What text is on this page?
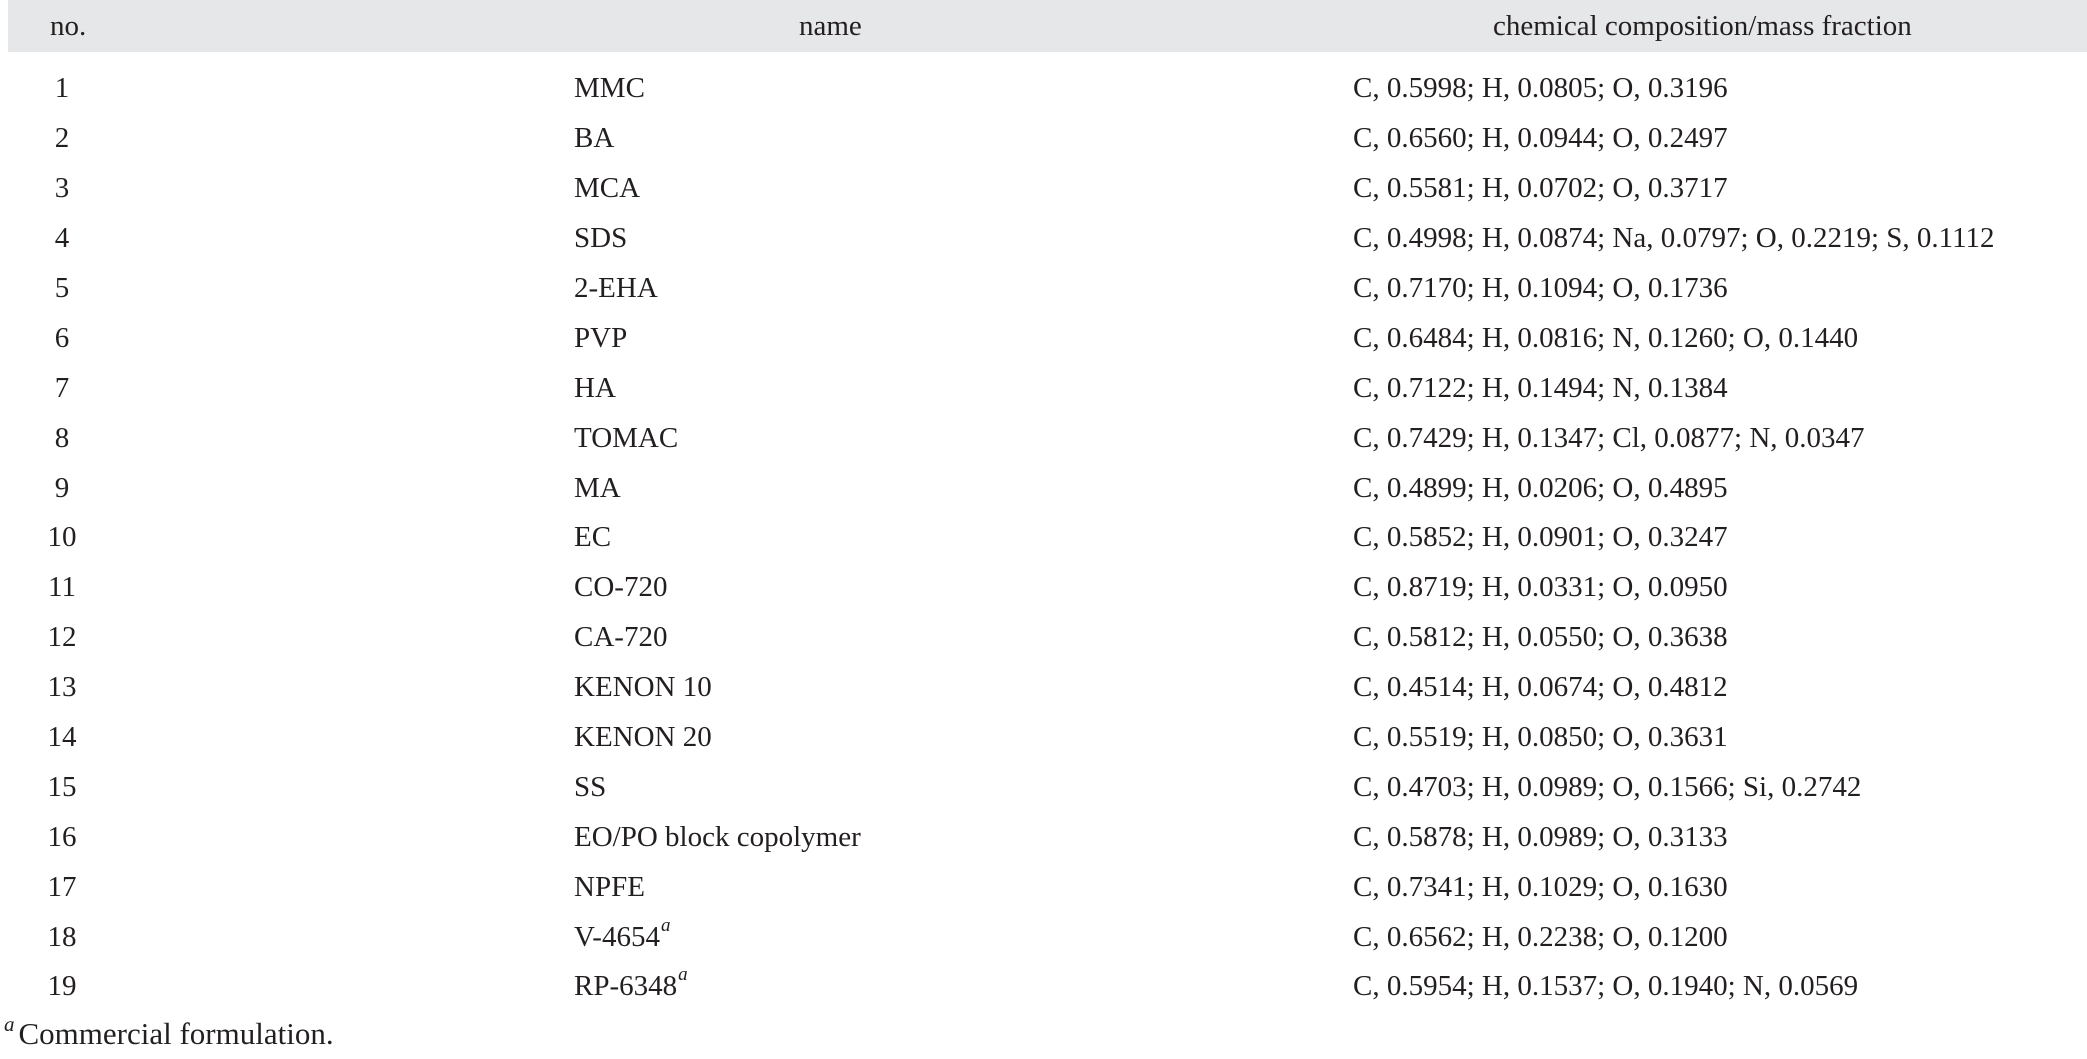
no.	name	chemical composition/mass fraction
1	MMC	C, 0.5998; H, 0.0805; O, 0.3196
2	BA	C, 0.6560; H, 0.0944; O, 0.2497
3	MCA	C, 0.5581; H, 0.0702; O, 0.3717
4	SDS	C, 0.4998; H, 0.0874; Na, 0.0797; O, 0.2219; S, 0.1112
5	2-EHA	C, 0.7170; H, 0.1094; O, 0.1736
6	PVP	C, 0.6484; H, 0.0816; N, 0.1260; O, 0.1440
7	HA	C, 0.7122; H, 0.1494; N, 0.1384
8	TOMAC	C, 0.7429; H, 0.1347; Cl, 0.0877; N, 0.0347
9	MA	C, 0.4899; H, 0.0206; O, 0.4895
10	EC	C, 0.5852; H, 0.0901; O, 0.3247
11	CO-720	C, 0.8719; H, 0.0331; O, 0.0950
12	CA-720	C, 0.5812; H, 0.0550; O, 0.3638
13	KENON 10	C, 0.4514; H, 0.0674; O, 0.4812
14	KENON 20	C, 0.5519; H, 0.0850; O, 0.3631
15	SS	C, 0.4703; H, 0.0989; O, 0.1566; Si, 0.2742
16	EO/PO block copolymer	C, 0.5878; H, 0.0989; O, 0.3133
17	NPFE	C, 0.7341; H, 0.1029; O, 0.1630
18	V-4654$^a$	C, 0.6562; H, 0.2238; O, 0.1200
19	RP-6348$^a$	C, 0.5954; H, 0.1537; O, 0.1940; N, 0.0569
$^a$ Commercial formulation.
